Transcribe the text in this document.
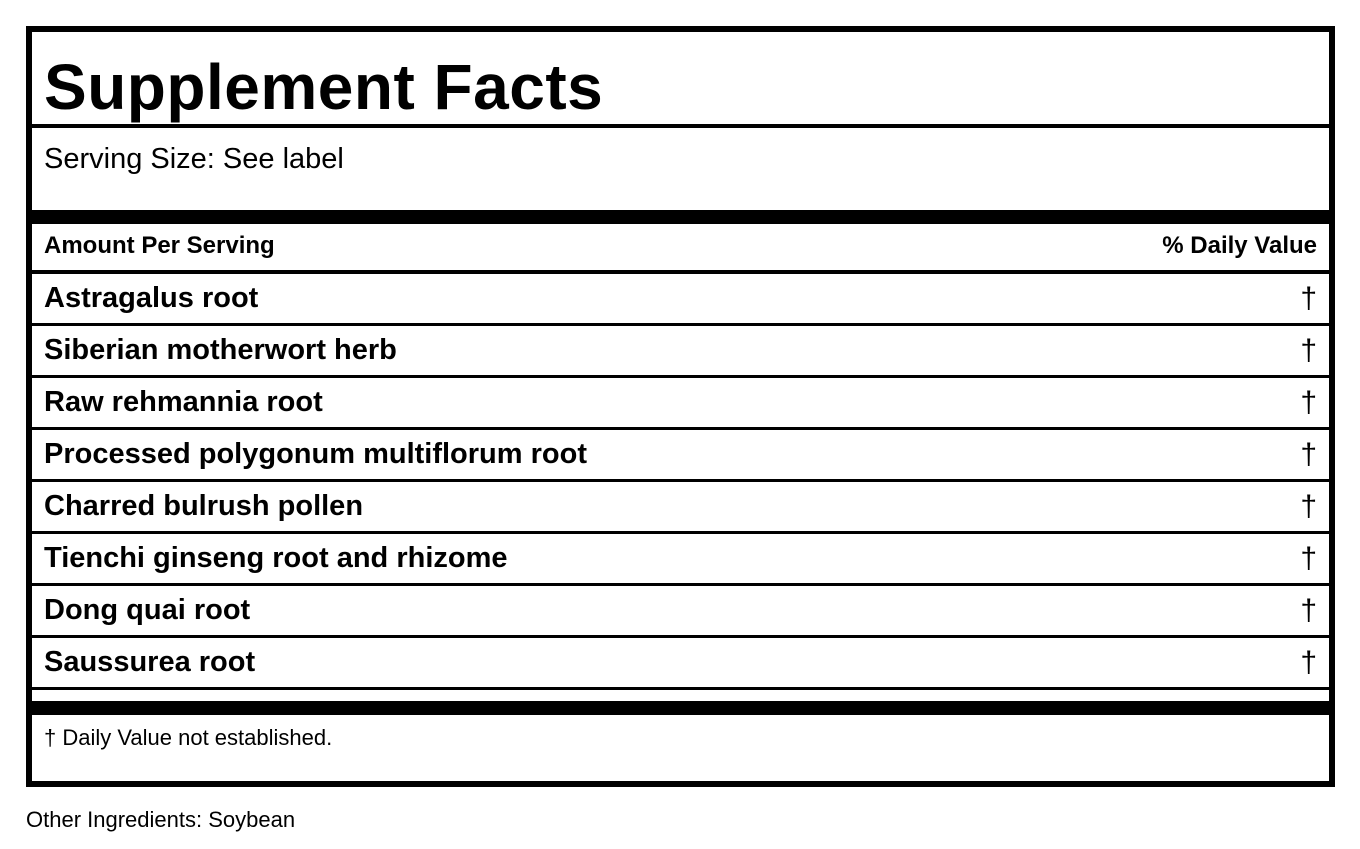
Supplement Facts
Serving Size: See label
Amount Per Serving	% Daily Value
Astragalus root	†
Siberian motherwort herb	†
Raw rehmannia root	†
Processed polygonum multiflorum root	†
Charred bulrush pollen	†
Tienchi ginseng root and rhizome	†
Dong quai root	†
Saussurea root	†
† Daily Value not established.
Other Ingredients: Soybean
